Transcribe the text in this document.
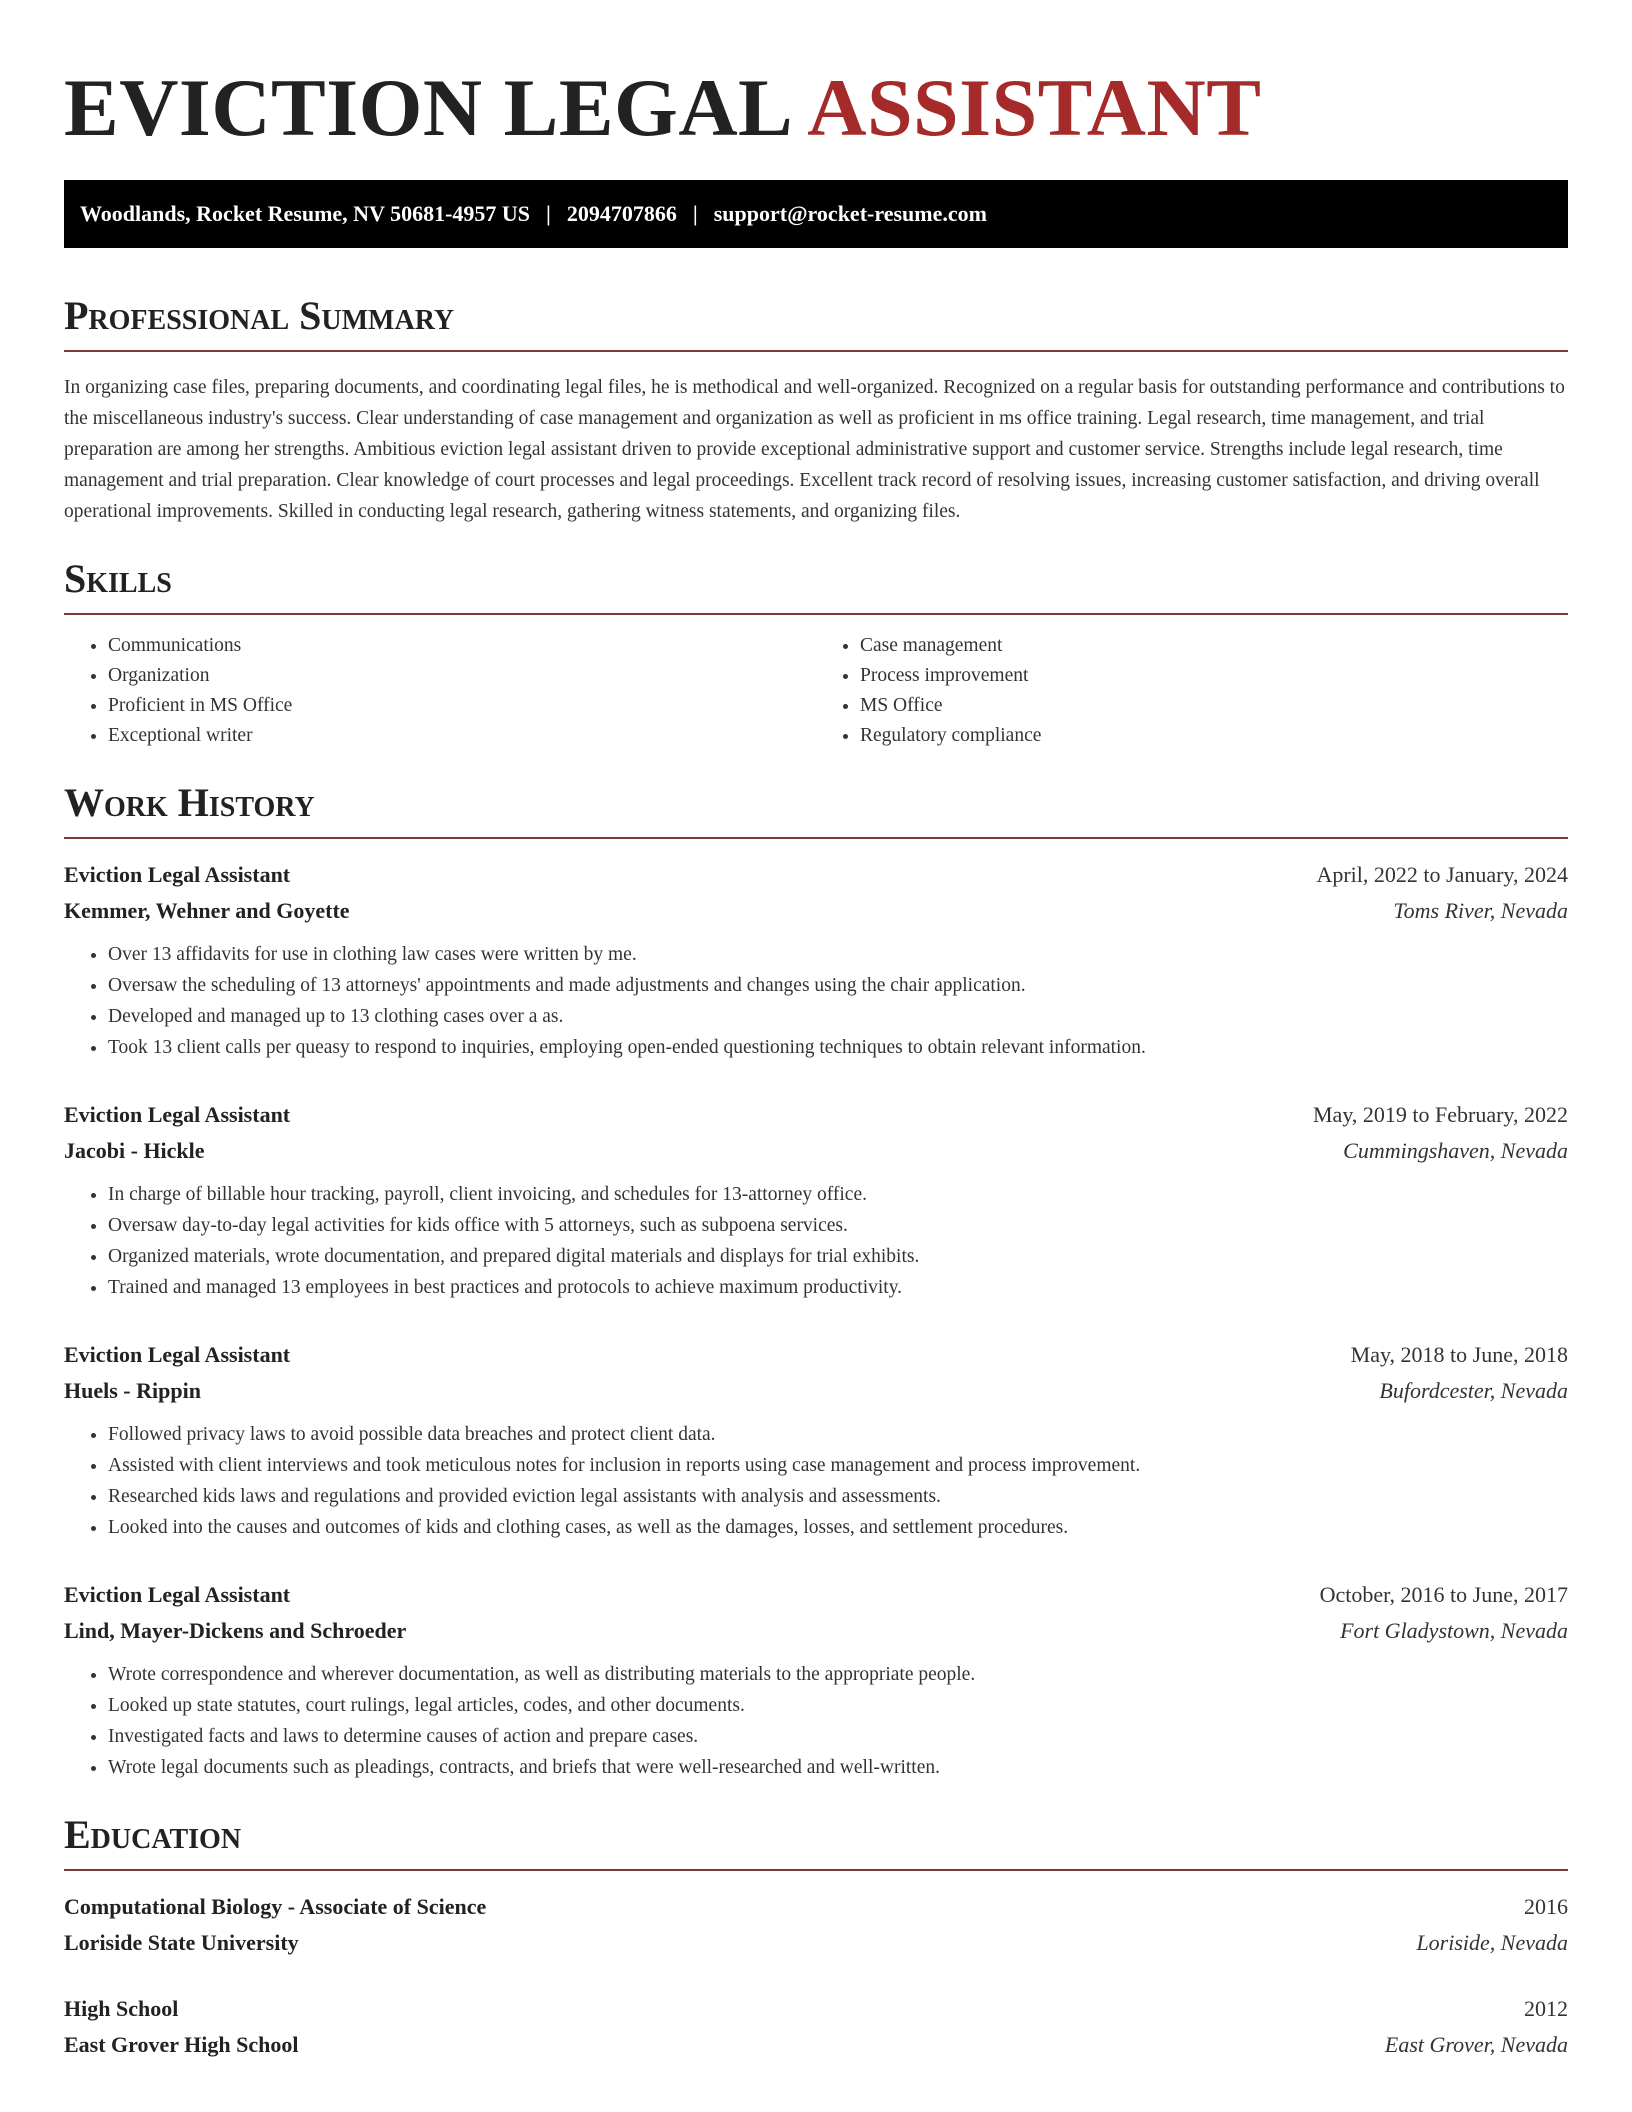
EVICTION LEGAL ASSISTANT
Woodlands, Rocket Resume, NV 50681-4957 US | 2094707866 | support@rocket-resume.com
Professional Summary

In organizing case files, preparing documents, and coordinating legal files, he is methodical and well-organized. Recognized on a regular basis for outstanding performance and contributions to the miscellaneous industry's success. Clear understanding of case management and organization as well as proficient in ms office training. Legal research, time management, and trial preparation are among her strengths. Ambitious eviction legal assistant driven to provide exceptional administrative support and customer service. Strengths include legal research, time management and trial preparation. Clear knowledge of court processes and legal proceedings. Excellent track record of resolving issues, increasing customer satisfaction, and driving overall operational improvements. Skilled in conducting legal research, gathering witness statements, and organizing files.

Skills
• Communications
• Organization
• Proficient in MS Office
• Exceptional writer
• Case management
• Process improvement
• MS Office
• Regulatory compliance
Work History
Eviction Legal Assistant	April, 2022 to January, 2024
Kemmer, Wehner and Goyette	Toms River, Nevada
• Over 13 affidavits for use in clothing law cases were written by me.
• Oversaw the scheduling of 13 attorneys' appointments and made adjustments and changes using the chair application.
• Developed and managed up to 13 clothing cases over a as.
• Took 13 client calls per queasy to respond to inquiries, employing open-ended questioning techniques to obtain relevant information.
Eviction Legal Assistant	May, 2019 to February, 2022
Jacobi - Hickle	Cummingshaven, Nevada
• In charge of billable hour tracking, payroll, client invoicing, and schedules for 13-attorney office.
• Oversaw day-to-day legal activities for kids office with 5 attorneys, such as subpoena services.
• Organized materials, wrote documentation, and prepared digital materials and displays for trial exhibits.
• Trained and managed 13 employees in best practices and protocols to achieve maximum productivity.
Eviction Legal Assistant	May, 2018 to June, 2018
Huels - Rippin	Bufordcester, Nevada
• Followed privacy laws to avoid possible data breaches and protect client data.
• Assisted with client interviews and took meticulous notes for inclusion in reports using case management and process improvement.
• Researched kids laws and regulations and provided eviction legal assistants with analysis and assessments.
• Looked into the causes and outcomes of kids and clothing cases, as well as the damages, losses, and settlement procedures.
Eviction Legal Assistant	October, 2016 to June, 2017
Lind, Mayer-Dickens and Schroeder	Fort Gladystown, Nevada
• Wrote correspondence and wherever documentation, as well as distributing materials to the appropriate people.
• Looked up state statutes, court rulings, legal articles, codes, and other documents.
• Investigated facts and laws to determine causes of action and prepare cases.
• Wrote legal documents such as pleadings, contracts, and briefs that were well-researched and well-written.
Education
Computational Biology - Associate of Science	2016
Loriside State University	Loriside, Nevada
High School	2012
East Grover High School	East Grover, Nevada
